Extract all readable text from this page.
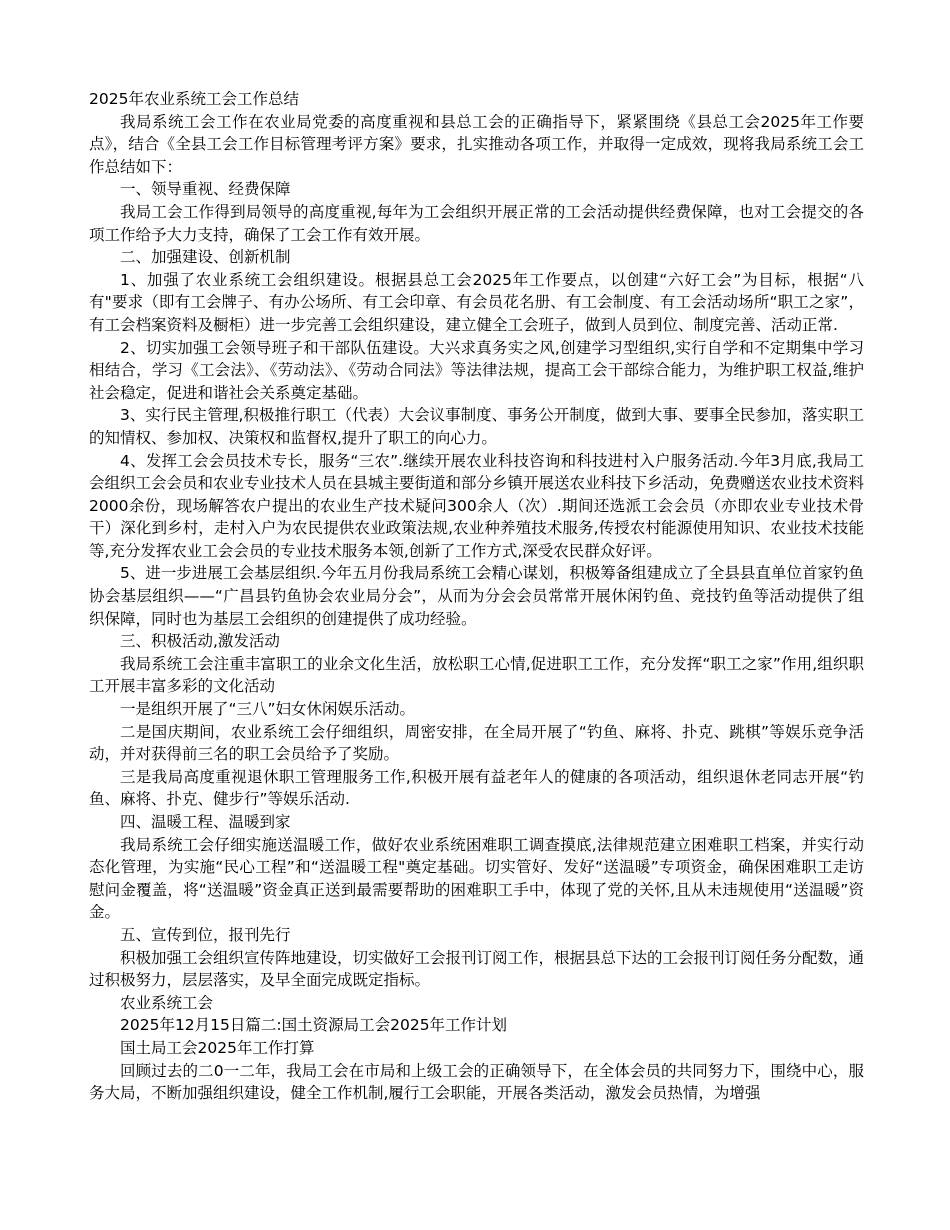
2025年农业系统工会工作总结

我局系统工会工作在农业局党委的高度重视和县总工会的正确指导下，紧紧围绕《县总工会2025年工作要点》，结合《全县工会工作目标管理考评方案》要求，扎实推动各项工作，并取得一定成效，现将我局系统工会工作总结如下：

一、领导重视、经费保障

我局工会工作得到局领导的高度重视,每年为工会组织开展正常的工会活动提供经费保障，也对工会提交的各项工作给予大力支持，确保了工会工作有效开展。

二、加强建设、创新机制

1、加强了农业系统工会组织建设。根据县总工会2025年工作要点，以创建“六好工会”为目标，根据“八有"要求（即有工会牌子、有办公场所、有工会印章、有会员花名册、有工会制度、有工会活动场所“职工之家”，有工会档案资料及橱柜）进一步完善工会组织建设，建立健全工会班子，做到人员到位、制度完善、活动正常.

2、切实加强工会领导班子和干部队伍建设。大兴求真务实之风,创建学习型组织,实行自学和不定期集中学习相结合，学习《工会法》、《劳动法》、《劳动合同法》等法律法规，提高工会干部综合能力，为维护职工权益,维护社会稳定，促进和谐社会关系奠定基础。

3、实行民主管理,积极推行职工（代表）大会议事制度、事务公开制度，做到大事、要事全民参加，落实职工的知情权、参加权、决策权和监督权,提升了职工的向心力。

4、发挥工会会员技术专长，服务“三农”.继续开展农业科技咨询和科技进村入户服务活动.今年3月底,我局工会组织工会会员和农业专业技术人员在县城主要街道和部分乡镇开展送农业科技下乡活动，免费赠送农业技术资料2000余份，现场解答农户提出的农业生产技术疑问300余人（次）.期间还选派工会会员（亦即农业专业技术骨干）深化到乡村，走村入户为农民提供农业政策法规,农业种养殖技术服务,传授农村能源使用知识、农业技术技能等,充分发挥农业工会会员的专业技术服务本领,创新了工作方式,深受农民群众好评。

5、进一步进展工会基层组织.今年五月份我局系统工会精心谋划，积极筹备组建成立了全县县直单位首家钓鱼协会基层组织——“广昌县钓鱼协会农业局分会”，从而为分会会员常常开展休闲钓鱼、竞技钓鱼等活动提供了组织保障，同时也为基层工会组织的创建提供了成功经验。

三、积极活动,激发活动

我局系统工会注重丰富职工的业余文化生活，放松职工心情,促进职工工作，充分发挥“职工之家”作用,组织职工开展丰富多彩的文化活动

一是组织开展了“三八”妇女休闲娱乐活动。

二是国庆期间，农业系统工会仔细组织，周密安排，在全局开展了“钓鱼、麻将、扑克、跳棋”等娱乐竞争活动，并对获得前三名的职工会员给予了奖励。

三是我局高度重视退休职工管理服务工作,积极开展有益老年人的健康的各项活动，组织退休老同志开展“钓鱼、麻将、扑克、健步行”等娱乐活动.

四、温暖工程、温暖到家

我局系统工会仔细实施送温暖工作，做好农业系统困难职工调查摸底,法律规范建立困难职工档案，并实行动态化管理，为实施“民心工程”和“送温暖工程"奠定基础。切实管好、发好“送温暖”专项资金，确保困难职工走访慰问金覆盖，将“送温暖”资金真正送到最需要帮助的困难职工手中，体现了党的关怀,且从未违规使用“送温暖”资金。

五、宣传到位，报刊先行

积极加强工会组织宣传阵地建设，切实做好工会报刊订阅工作，根据县总下达的工会报刊订阅任务分配数，通过积极努力，层层落实，及早全面完成既定指标。

农业系统工会

2025年12月15日篇二:国土资源局工会2025年工作计划

国土局工会2025年工作打算

回顾过去的二0一二年，我局工会在市局和上级工会的正确领导下，在全体会员的共同努力下，围绕中心，服务大局，不断加强组织建设，健全工作机制,履行工会职能，开展各类活动，激发会员热情，为增强
